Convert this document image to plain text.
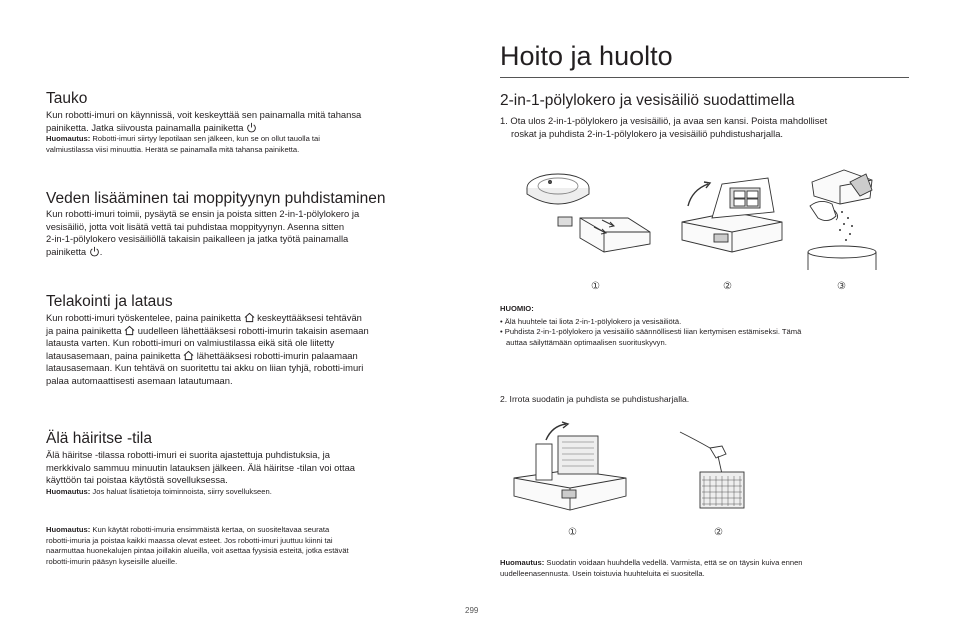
Tauko

Kun robotti-imuri on käynnissä, voit keskeyttää sen painamalla mitä tahansa

painiketta. Jatka siivousta painamalla painiketta

Huomautus: Robotti-imuri siirtyy lepotilaan sen jälkeen, kun se on ollut tauolla tai

valmiustilassa viisi minuuttia. Herätä se painamalla mitä tahansa painiketta.

Veden lisääminen tai moppityynyn puhdistaminen

Kun robotti-imuri toimii, pysäytä se ensin ja poista sitten 2-in-1-pölylokero ja

vesisäiliö, jotta voit lisätä vettä tai puhdistaa moppityynyn. Asenna sitten

2-in-1-pölylokero vesisäiliöllä takaisin paikalleen ja jatka työtä painamalla

painiketta .

Telakointi ja lataus

Kun robotti-imuri työskentelee, paina painiketta keskeyttääksesi tehtävän

ja paina painiketta uudelleen lähettääksesi robotti-imurin takaisin asemaan

latausta varten. Kun robotti-imuri on valmiustilassa eikä sitä ole liitetty

latausasemaan, paina painiketta lähettääksesi robotti-imurin palaamaan

latausasemaan. Kun tehtävä on suoritettu tai akku on liian tyhjä, robotti-imuri

palaa automaattisesti asemaan latautumaan.

Älä häiritse -tila

Älä häiritse -tilassa robotti-imuri ei suorita ajastettuja puhdistuksia, ja

merkkivalo sammuu minuutin latauksen jälkeen. Älä häiritse -tilan voi ottaa

käyttöön tai poistaa käytöstä sovelluksessa.

Huomautus: Jos haluat lisätietoja toiminnoista, siirry sovellukseen.

Huomautus: Kun käytät robotti-imuria ensimmäistä kertaa, on suositeltavaa seurata

robotti-imuria ja poistaa kaikki maassa olevat esteet. Jos robotti-imuri juuttuu kiinni tai

naarmuttaa huonekalujen pintaa joillakin alueilla, voit asettaa fyysisiä esteitä, jotka estävät

robotti-imurin pääsyn kyseisille alueille.

Hoito ja huolto
2-in-1-pölylokero ja vesisäiliö suodattimella

1. Ota ulos 2-in-1-pölylokero ja vesisäiliö, ja avaa sen kansi. Poista mahdolliset

roskat ja puhdista 2-in-1-pölylokero ja vesisäiliö puhdistusharjalla.

①	②	③

HUOMIO:

• Älä huuhtele tai liota 2-in-1-pölylokero ja vesisäiliötä.

• Puhdista 2-in-1-pölylokero ja vesisäiliö säännöllisesti liian kertymisen estämiseksi. Tämä

auttaa säilyttämään optimaalisen suorituskyvyn.

2. Irrota suodatin ja puhdista se puhdistusharjalla.

①	②

Huomautus: Suodatin voidaan huuhdella vedellä. Varmista, että se on täysin kuiva ennen

uudelleenasennusta. Usein toistuvia huuhteluita ei suositella.

299
